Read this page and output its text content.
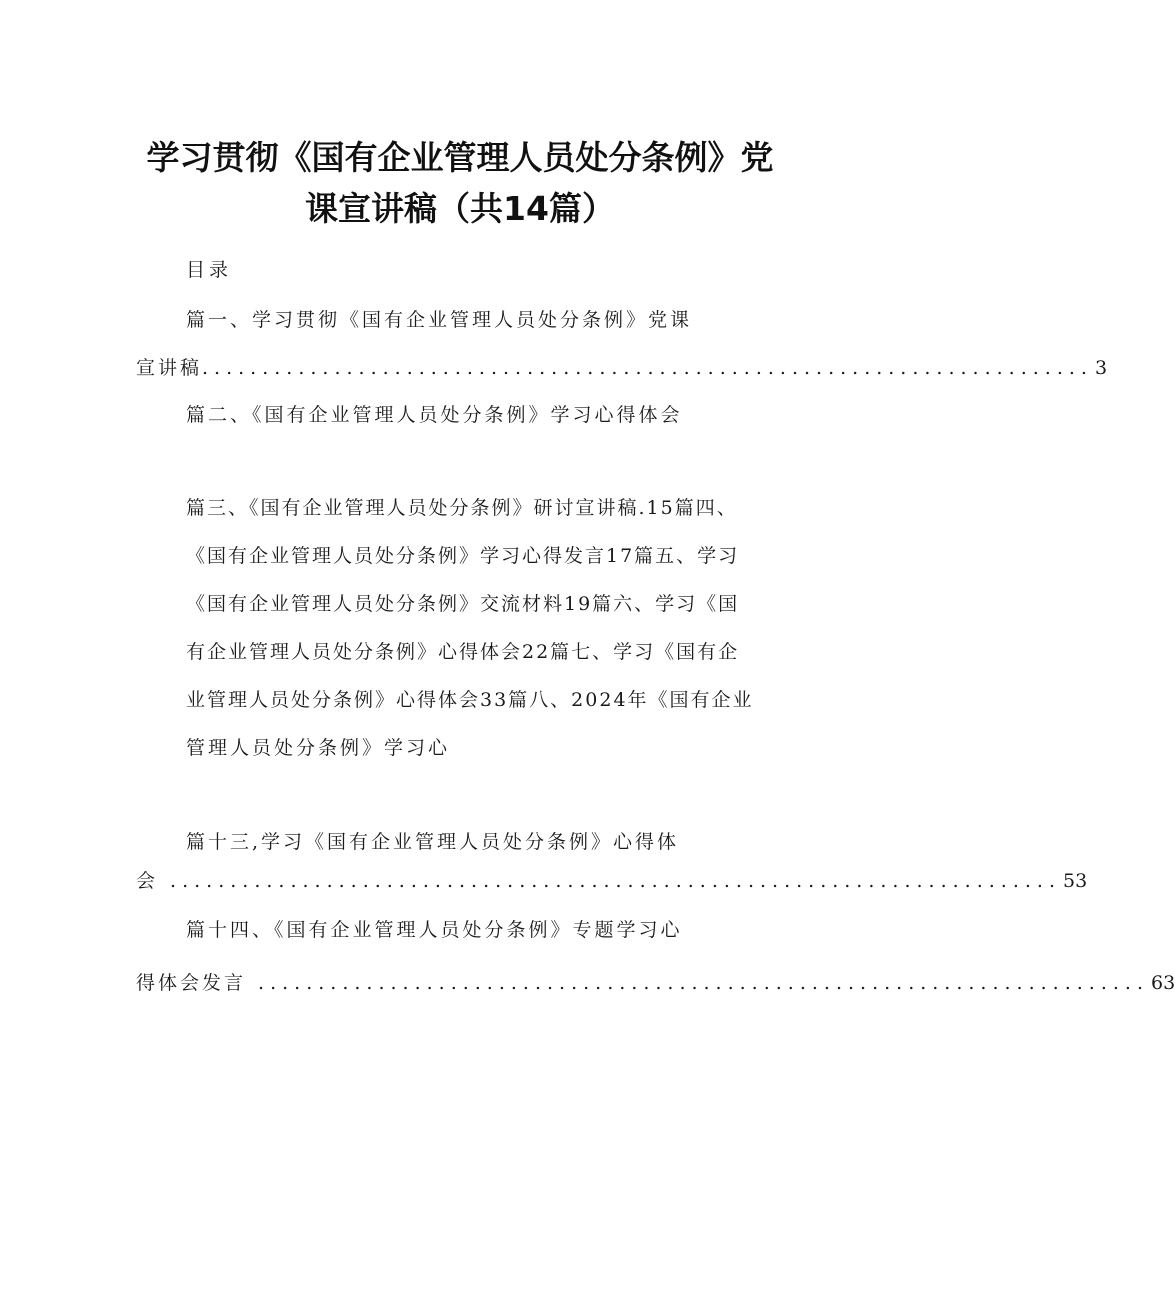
学习贯彻《国有企业管理人员处分条例》党
课宣讲稿（共14篇）
目录
篇一、学习贯彻《国有企业管理人员处分条例》党课
宣讲稿 .......................................................................... 3
篇二、《国有企业管理人员处分条例》学习心得体会
篇三、《国有企业管理人员处分条例》研讨宣讲稿.15篇四、
《国有企业管理人员处分条例》学习心得发言17篇五、学习
《国有企业管理人员处分条例》交流材料19篇六、学习《国
有企业管理人员处分条例》心得体会22篇七、学习《国有企
业管理人员处分条例》心得体会33篇八、2024年《国有企业
管理人员处分条例》学习心
篇十三,学习《国有企业管理人员处分条例》心得体
会 .......................................................................... 53
篇十四、《国有企业管理人员处分条例》专题学习心
得体会发言 .......................................................................... 63
